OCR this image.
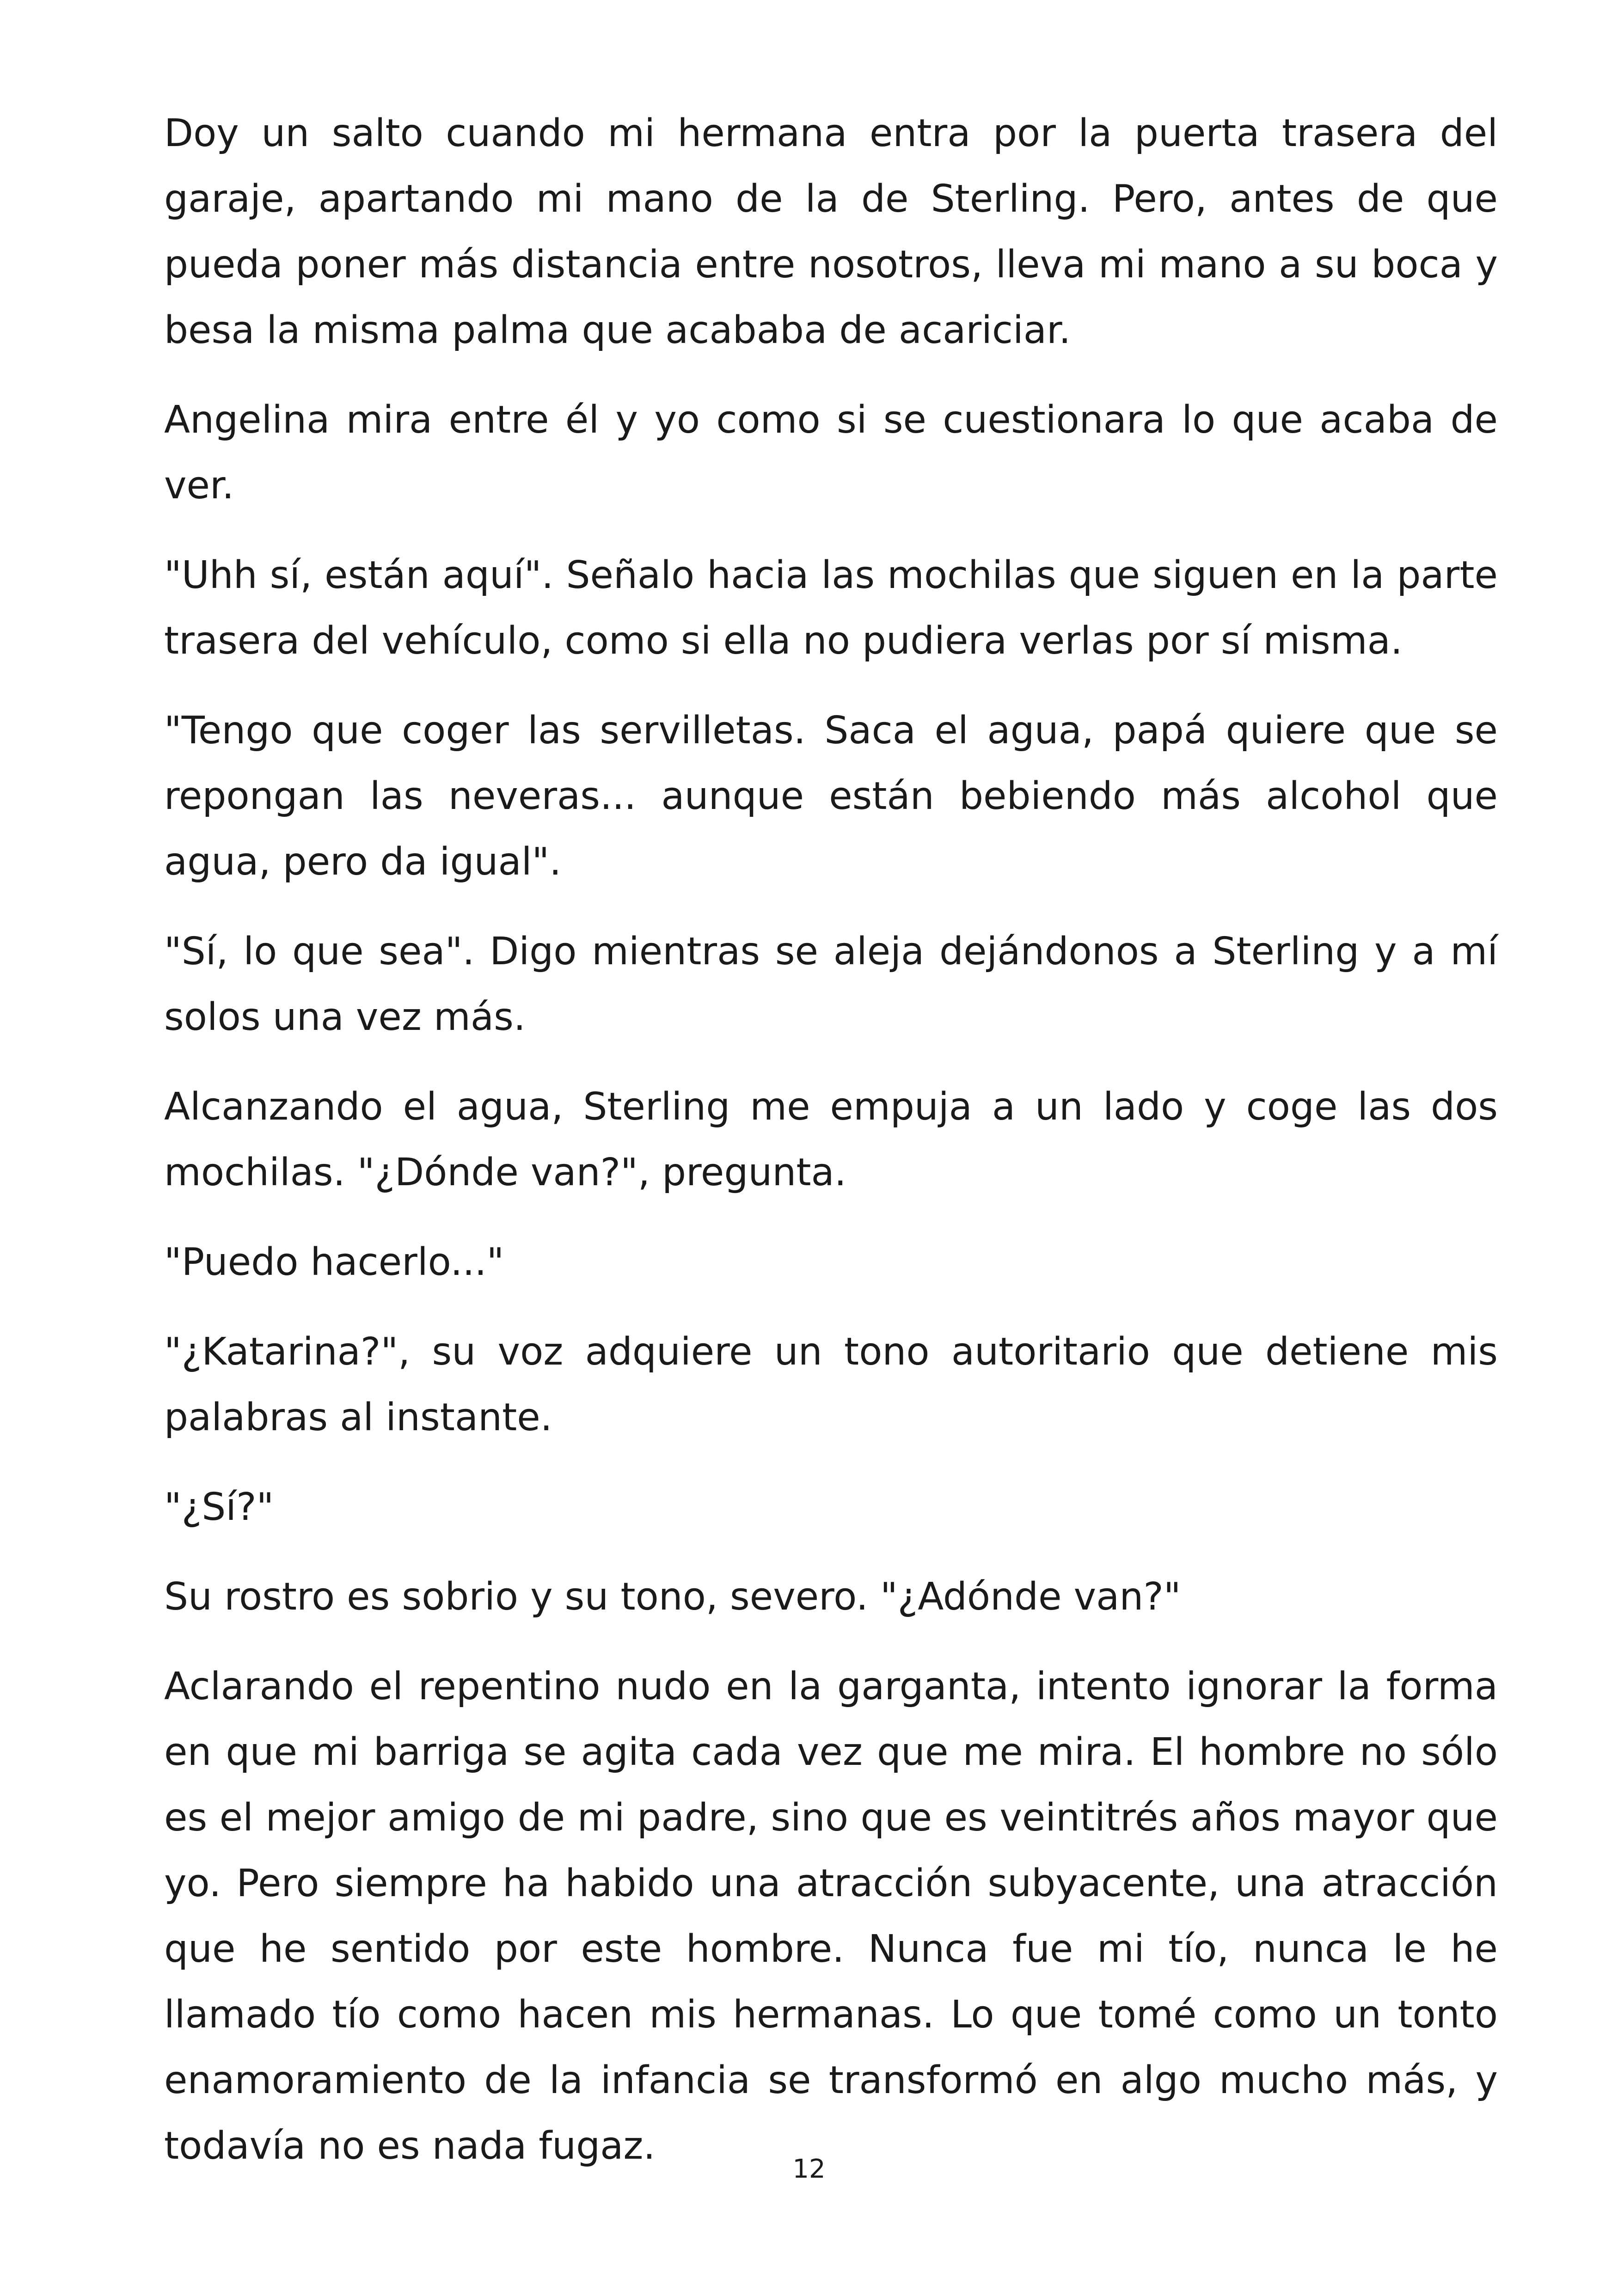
Doy un salto cuando mi hermana entra por la puerta trasera del garaje, apartando mi mano de la de Sterling. Pero, antes de que pueda poner más distancia entre nosotros, lleva mi mano a su boca y besa la misma palma que acababa de acariciar.

Angelina mira entre él y yo como si se cuestionara lo que acaba de ver.

"Uhh sí, están aquí". Señalo hacia las mochilas que siguen en la parte trasera del vehículo, como si ella no pudiera verlas por sí misma.

"Tengo que coger las servilletas. Saca el agua, papá quiere que se repongan las neveras... aunque están bebiendo más alcohol que agua, pero da igual".

"Sí, lo que sea". Digo mientras se aleja dejándonos a Sterling y a mí solos una vez más.

Alcanzando el agua, Sterling me empuja a un lado y coge las dos mochilas. "¿Dónde van?", pregunta.

"Puedo hacerlo..."

"¿Katarina?", su voz adquiere un tono autoritario que detiene mis palabras al instante.

"¿Sí?"

Su rostro es sobrio y su tono, severo. "¿Adónde van?"

Aclarando el repentino nudo en la garganta, intento ignorar la forma en que mi barriga se agita cada vez que me mira. El hombre no sólo es el mejor amigo de mi padre, sino que es veintitrés años mayor que yo. Pero siempre ha habido una atracción subyacente, una atracción que he sentido por este hombre. Nunca fue mi tío, nunca le he llamado tío como hacen mis hermanas. Lo que tomé como un tonto enamoramiento de la infancia se transformó en algo mucho más, y todavía no es nada fugaz.

12
